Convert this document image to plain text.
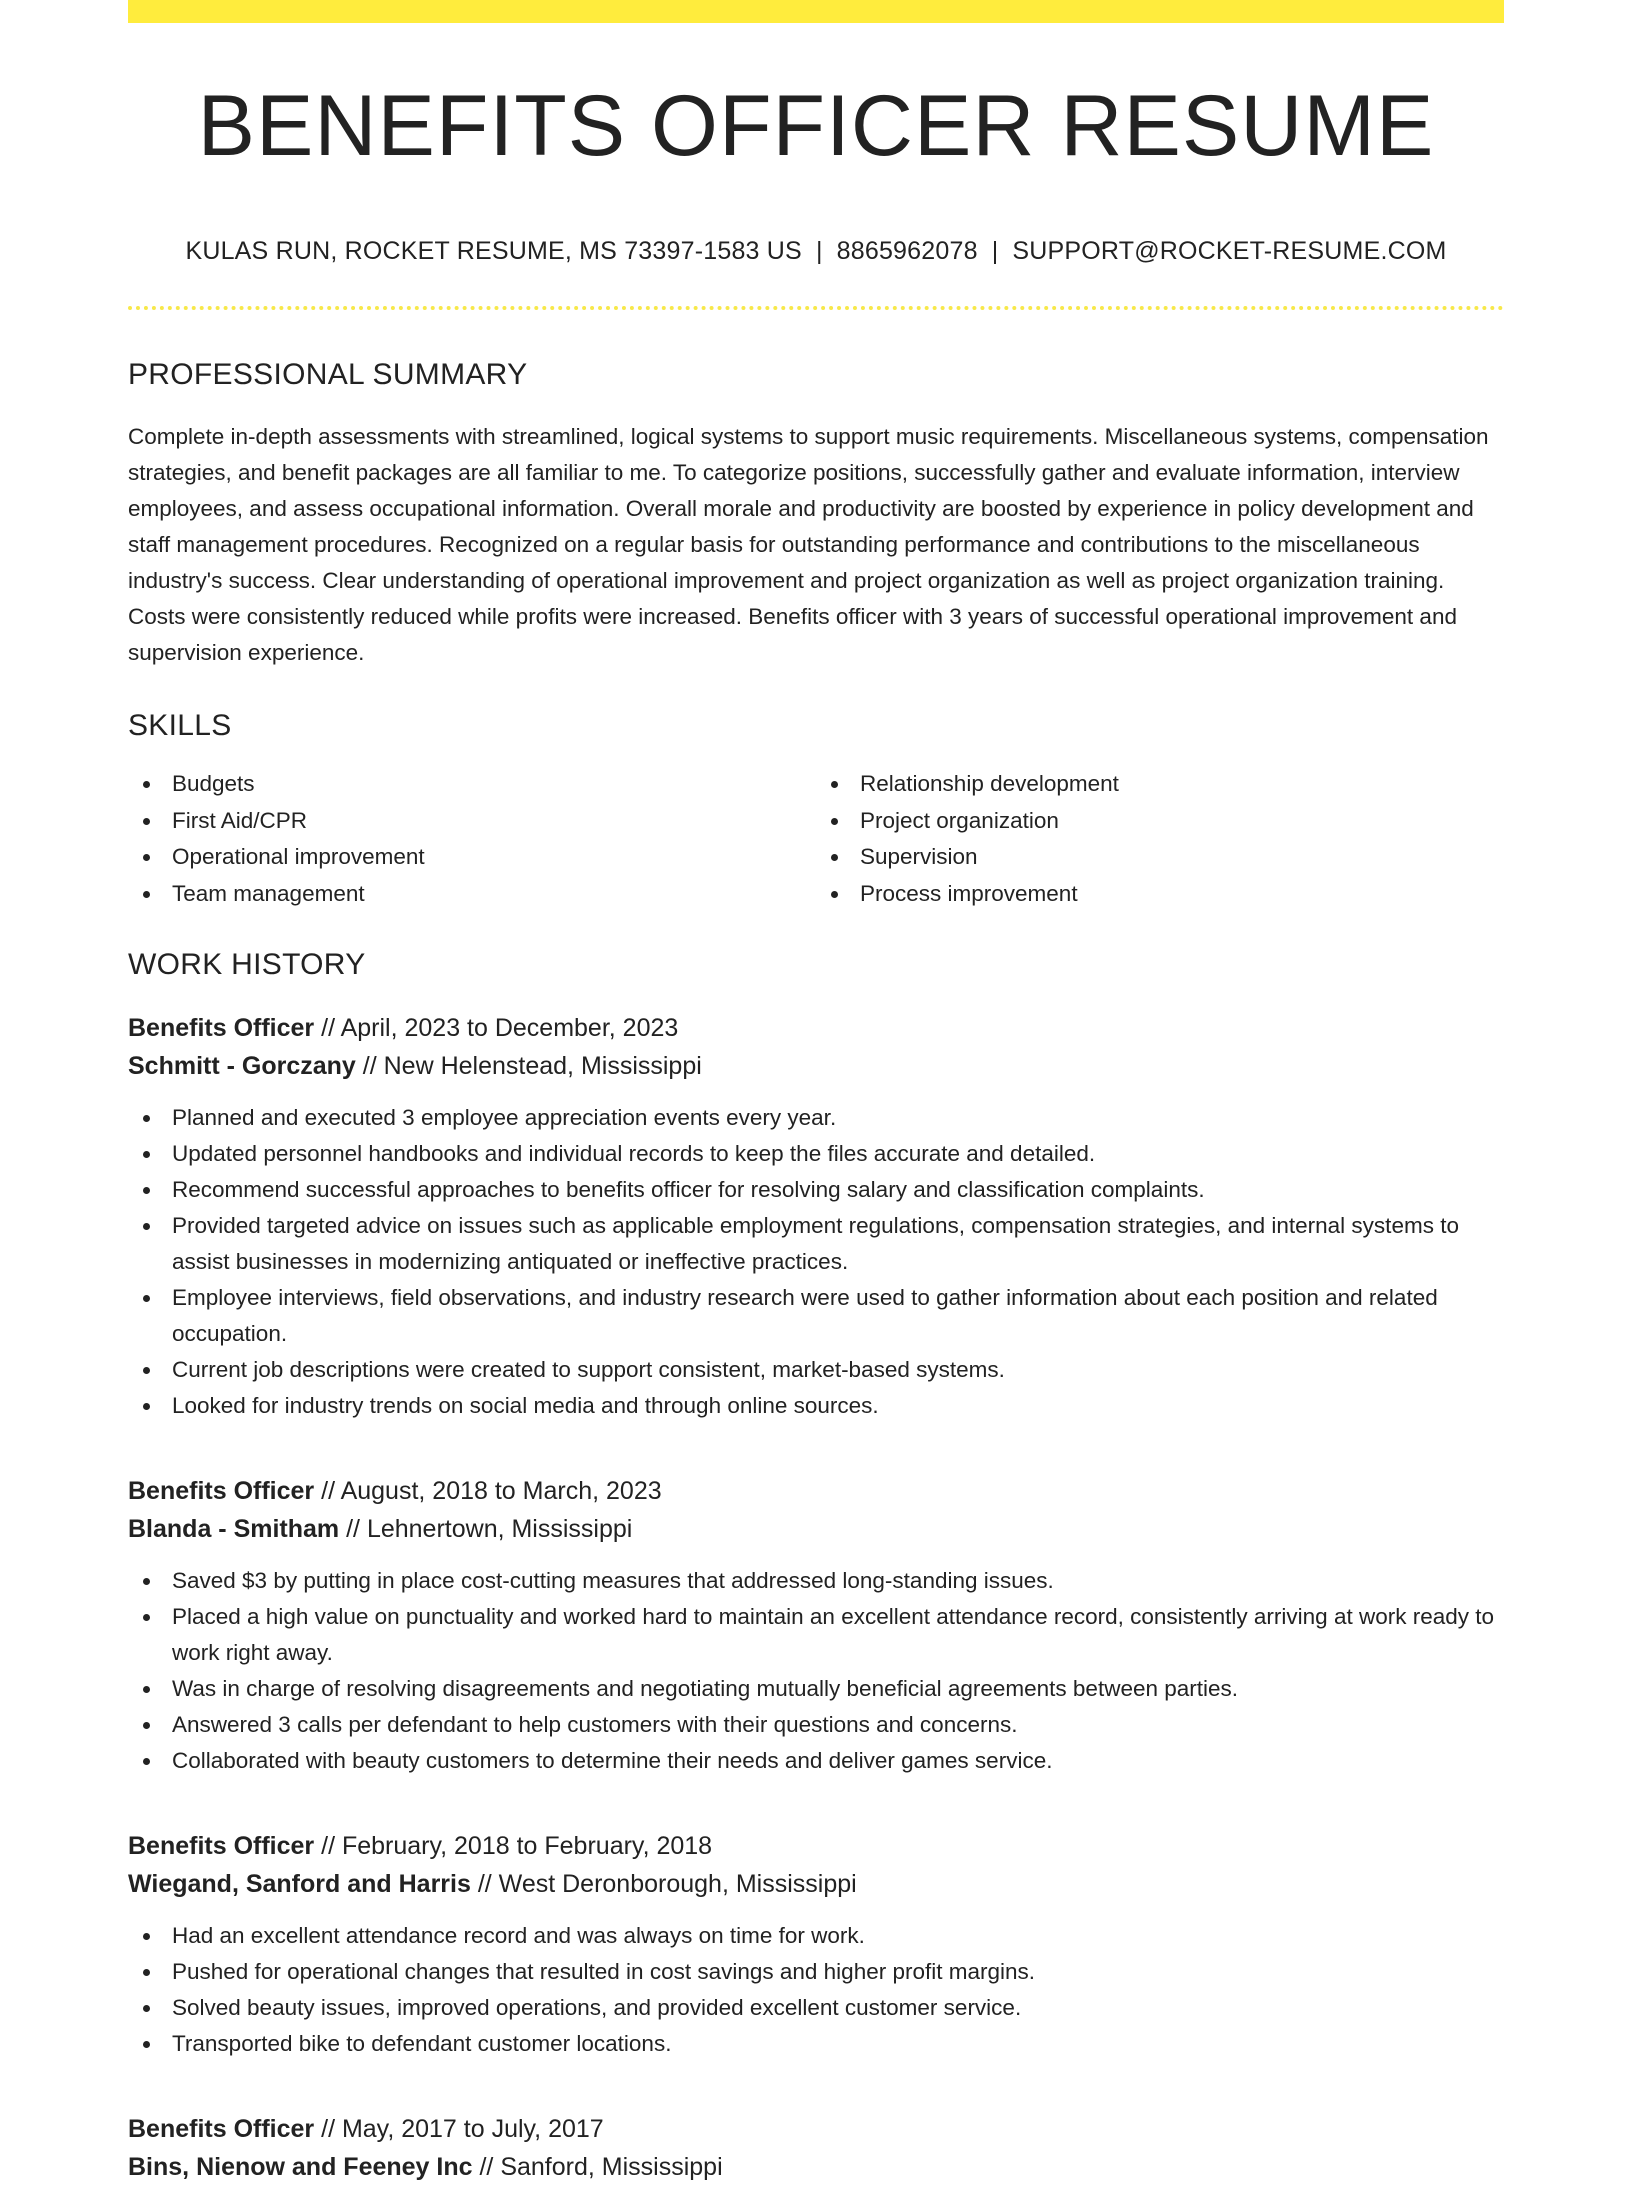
BENEFITS OFFICER RESUME
KULAS RUN, ROCKET RESUME, MS 73397-1583 US | 8865962078 | SUPPORT@ROCKET-RESUME.COM
PROFESSIONAL SUMMARY

Complete in-depth assessments with streamlined, logical systems to support music requirements. Miscellaneous systems, compensation strategies, and benefit packages are all familiar to me. To categorize positions, successfully gather and evaluate information, interview employees, and assess occupational information. Overall morale and productivity are boosted by experience in policy development and staff management procedures. Recognized on a regular basis for outstanding performance and contributions to the miscellaneous industry's success. Clear understanding of operational improvement and project organization as well as project organization training. Costs were consistently reduced while profits were increased. Benefits officer with 3 years of successful operational improvement and supervision experience.

SKILLS
Budgets
First Aid/CPR
Operational improvement
Team management
Relationship development
Project organization
Supervision
Process improvement
WORK HISTORY
Benefits Officer // April, 2023 to December, 2023
Schmitt - Gorczany // New Helenstead, Mississippi
Planned and executed 3 employee appreciation events every year.
Updated personnel handbooks and individual records to keep the files accurate and detailed.
Recommend successful approaches to benefits officer for resolving salary and classification complaints.
Provided targeted advice on issues such as applicable employment regulations, compensation strategies, and internal systems to assist businesses in modernizing antiquated or ineffective practices.
Employee interviews, field observations, and industry research were used to gather information about each position and related occupation.
Current job descriptions were created to support consistent, market-based systems.
Looked for industry trends on social media and through online sources.
Benefits Officer // August, 2018 to March, 2023
Blanda - Smitham // Lehnertown, Mississippi
Saved $3 by putting in place cost-cutting measures that addressed long-standing issues.
Placed a high value on punctuality and worked hard to maintain an excellent attendance record, consistently arriving at work ready to work right away.
Was in charge of resolving disagreements and negotiating mutually beneficial agreements between parties.
Answered 3 calls per defendant to help customers with their questions and concerns.
Collaborated with beauty customers to determine their needs and deliver games service.
Benefits Officer // February, 2018 to February, 2018
Wiegand, Sanford and Harris // West Deronborough, Mississippi
Had an excellent attendance record and was always on time for work.
Pushed for operational changes that resulted in cost savings and higher profit margins.
Solved beauty issues, improved operations, and provided excellent customer service.
Transported bike to defendant customer locations.
Benefits Officer // May, 2017 to July, 2017
Bins, Nienow and Feeney Inc // Sanford, Mississippi
